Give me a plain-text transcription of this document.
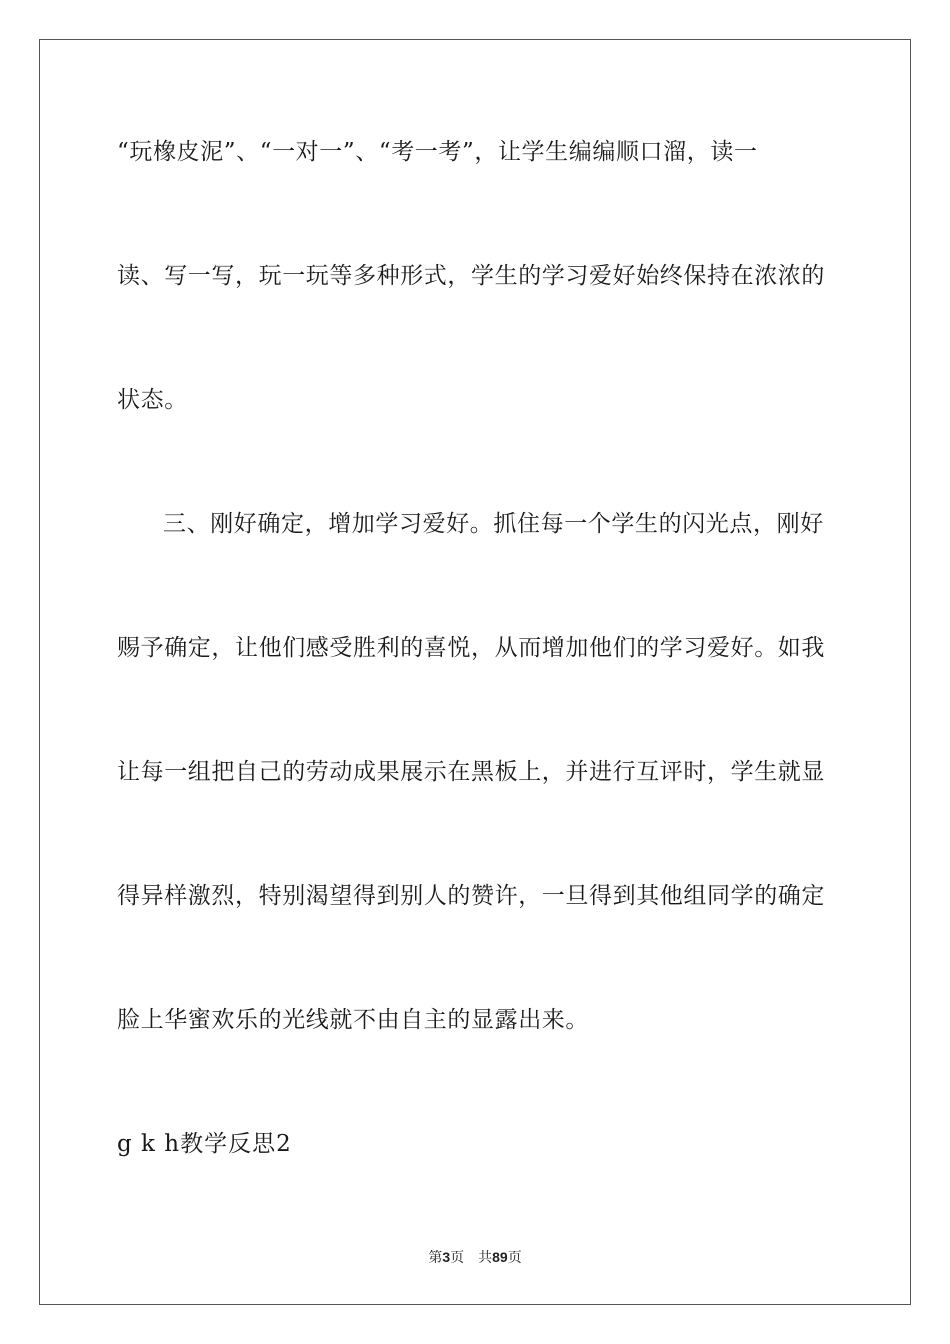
“玩橡皮泥”、“一对一”、“考一考”，让学生编编顺口溜，读一
读、写一写，玩一玩等多种形式，学生的学习爱好始终保持在浓浓的
状态。
三、刚好确定，增加学习爱好。抓住每一个学生的闪光点，刚好
赐予确定，让他们感受胜利的喜悦，从而增加他们的学习爱好。如我
让每一组把自己的劳动成果展示在黑板上，并进行互评时，学生就显
得异样激烈，特别渴望得到别人的赞许，一旦得到其他组同学的确定
脸上华蜜欢乐的光线就不由自主的显露出来。
g k h教学反思2
第3页 共89页
